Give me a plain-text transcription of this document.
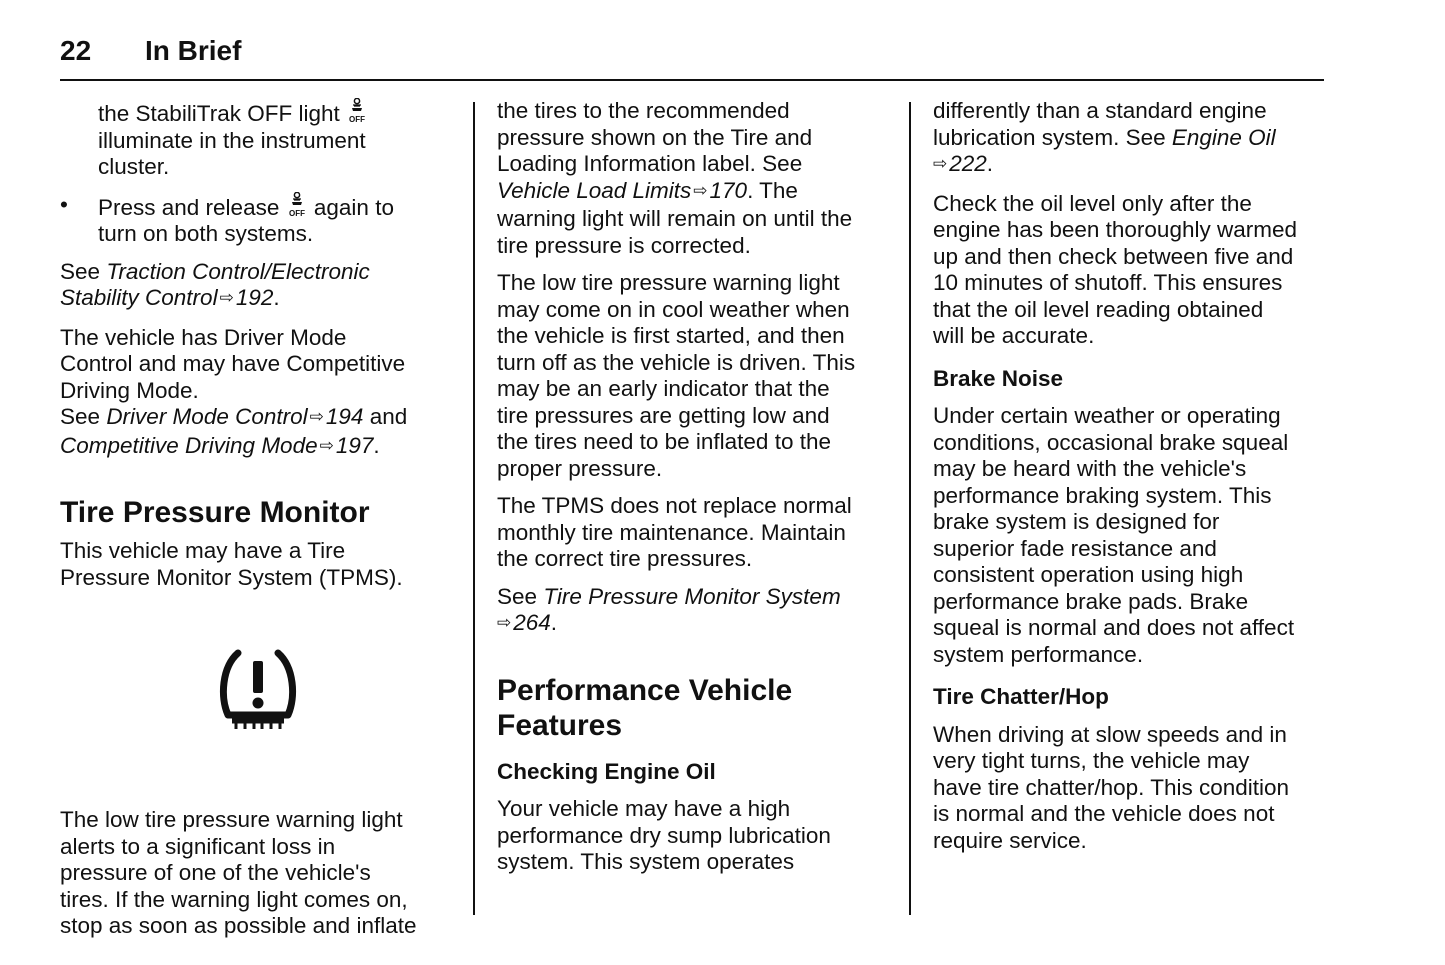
22 In Brief

the StabiliTrak OFF light OFF
illuminate in the instrument
cluster.

• Press and release OFF again to
turn on both systems.

See Traction Control/Electronic
Stability Control ⇨192.

The vehicle has Driver Mode
Control and may have Competitive
Driving Mode.
See Driver Mode Control ⇨194 and
Competitive Driving Mode ⇨197.

Tire Pressure Monitor

This vehicle may have a Tire
Pressure Monitor System (TPMS).

The low tire pressure warning light
alerts to a significant loss in
pressure of one of the vehicle's
tires. If the warning light comes on,
stop as soon as possible and inflate

the tires to the recommended
pressure shown on the Tire and
Loading Information label. See
Vehicle Load Limits ⇨170. The
warning light will remain on until the
tire pressure is corrected.

The low tire pressure warning light
may come on in cool weather when
the vehicle is first started, and then
turn off as the vehicle is driven. This
may be an early indicator that the
tire pressures are getting low and
the tires need to be inflated to the
proper pressure.

The TPMS does not replace normal
monthly tire maintenance. Maintain
the correct tire pressures.

See Tire Pressure Monitor System
⇨264.

Performance Vehicle
Features
Checking Engine Oil

Your vehicle may have a high
performance dry sump lubrication
system. This system operates

differently than a standard engine
lubrication system. See Engine Oil
⇨222.

Check the oil level only after the
engine has been thoroughly warmed
up and then check between five and
10 minutes of shutoff. This ensures
that the oil level reading obtained
will be accurate.

Brake Noise

Under certain weather or operating
conditions, occasional brake squeal
may be heard with the vehicle's
performance braking system. This
brake system is designed for
superior fade resistance and
consistent operation using high
performance brake pads. Brake
squeal is normal and does not affect
system performance.

Tire Chatter/Hop

When driving at slow speeds and in
very tight turns, the vehicle may
have tire chatter/hop. This condition
is normal and the vehicle does not
require service.
